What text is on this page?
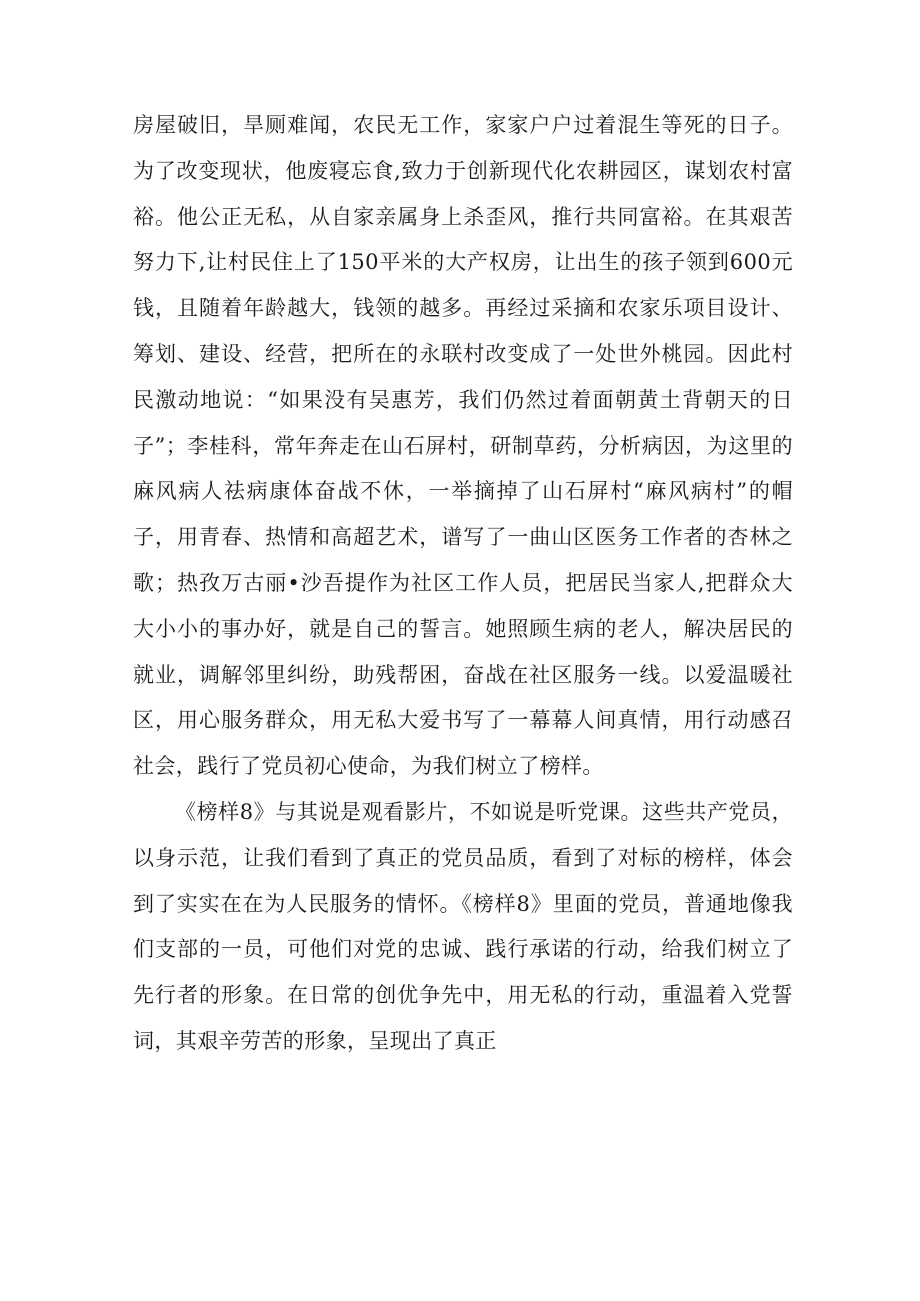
房屋破旧，旱厕难闻，农民无工作，家家户户过着混生等死的日子。为了改变现状，他废寝忘食,致力于创新现代化农耕园区，谋划农村富裕。他公正无私，从自家亲属身上杀歪风，推行共同富裕。在其艰苦努力下,让村民住上了150平米的大产权房，让出生的孩子领到600元钱，且随着年龄越大，钱领的越多。再经过采摘和农家乐项目设计、筹划、建设、经营，把所在的永联村改变成了一处世外桃园。因此村民激动地说：“如果没有吴惠芳，我们仍然过着面朝黄土背朝天的日子”；李桂科，常年奔走在山石屏村，研制草药，分析病因，为这里的麻风病人祛病康体奋战不休，一举摘掉了山石屏村“麻风病村”的帽子，用青春、热情和高超艺术，谱写了一曲山区医务工作者的杏林之歌；热孜万古丽•沙吾提作为社区工作人员，把居民当家人,把群众大大小小的事办好，就是自己的誓言。她照顾生病的老人，解决居民的就业，调解邻里纠纷，助残帮困，奋战在社区服务一线。以爱温暖社区，用心服务群众，用无私大爱书写了一幕幕人间真情，用行动感召社会，践行了党员初心使命，为我们树立了榜样。

《榜样8》与其说是观看影片，不如说是听党课。这些共产党员，以身示范，让我们看到了真正的党员品质，看到了对标的榜样，体会到了实实在在为人民服务的情怀。《榜样8》里面的党员，普通地像我们支部的一员，可他们对党的忠诚、践行承诺的行动，给我们树立了先行者的形象。在日常的创优争先中，用无私的行动，重温着入党誓词，其艰辛劳苦的形象，呈现出了真正
